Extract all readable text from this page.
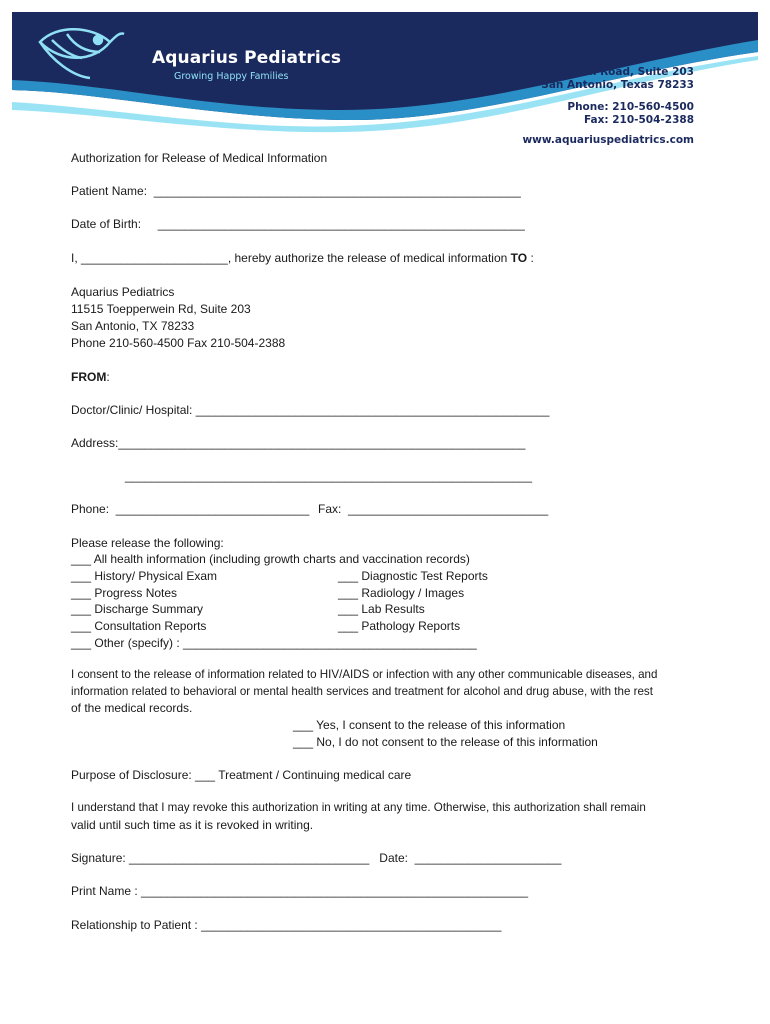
Aquarius Pediatrics
Growing Happy Families	11515 Toepperwein Road, Suite 203
San Antonio, Texas 78233
Phone: 210-560-4500
Fax: 210-504-2388
www.aquariuspediatrics.com
Authorization for Release of Medical Information
Patient Name:  _______________________________________________________
Date of Birth:     _______________________________________________________
I, ______________________, hereby authorize the release of medical information TO :
Aquarius Pediatrics
11515 Toepperwein Rd, Suite 203
San Antonio, TX 78233
Phone 210-560-4500 Fax 210-504-2388
FROM:
Doctor/Clinic/ Hospital: _____________________________________________________
Address:_____________________________________________________________
_____________________________________________________________
Phone:  _____________________________ Fax:  ______________________________
Please release the following:
___ All health information (including growth charts and vaccination records)
___ History/ Physical Exam
___ Progress Notes
___ Discharge Summary
___ Consultation Reports
___ Other (specify) : ____________________________________________
___ Diagnostic Test Reports
___ Radiology / Images
___ Lab Results
___ Pathology Reports
I consent to the release of information related to HIV/AIDS or infection with any other communicable diseases, and
information related to behavioral or mental health services and treatment for alcohol and drug abuse, with the rest
of the medical records.
___ Yes, I consent to the release of this information
___ No, I do not consent to the release of this information
Purpose of Disclosure: ___ Treatment / Continuing medical care
I understand that I may revoke this authorization in writing at any time. Otherwise, this authorization shall remain
valid until such time as it is revoked in writing.
Signature: ____________________________________   Date:  ______________________
Print Name : __________________________________________________________
Relationship to Patient : _____________________________________________
